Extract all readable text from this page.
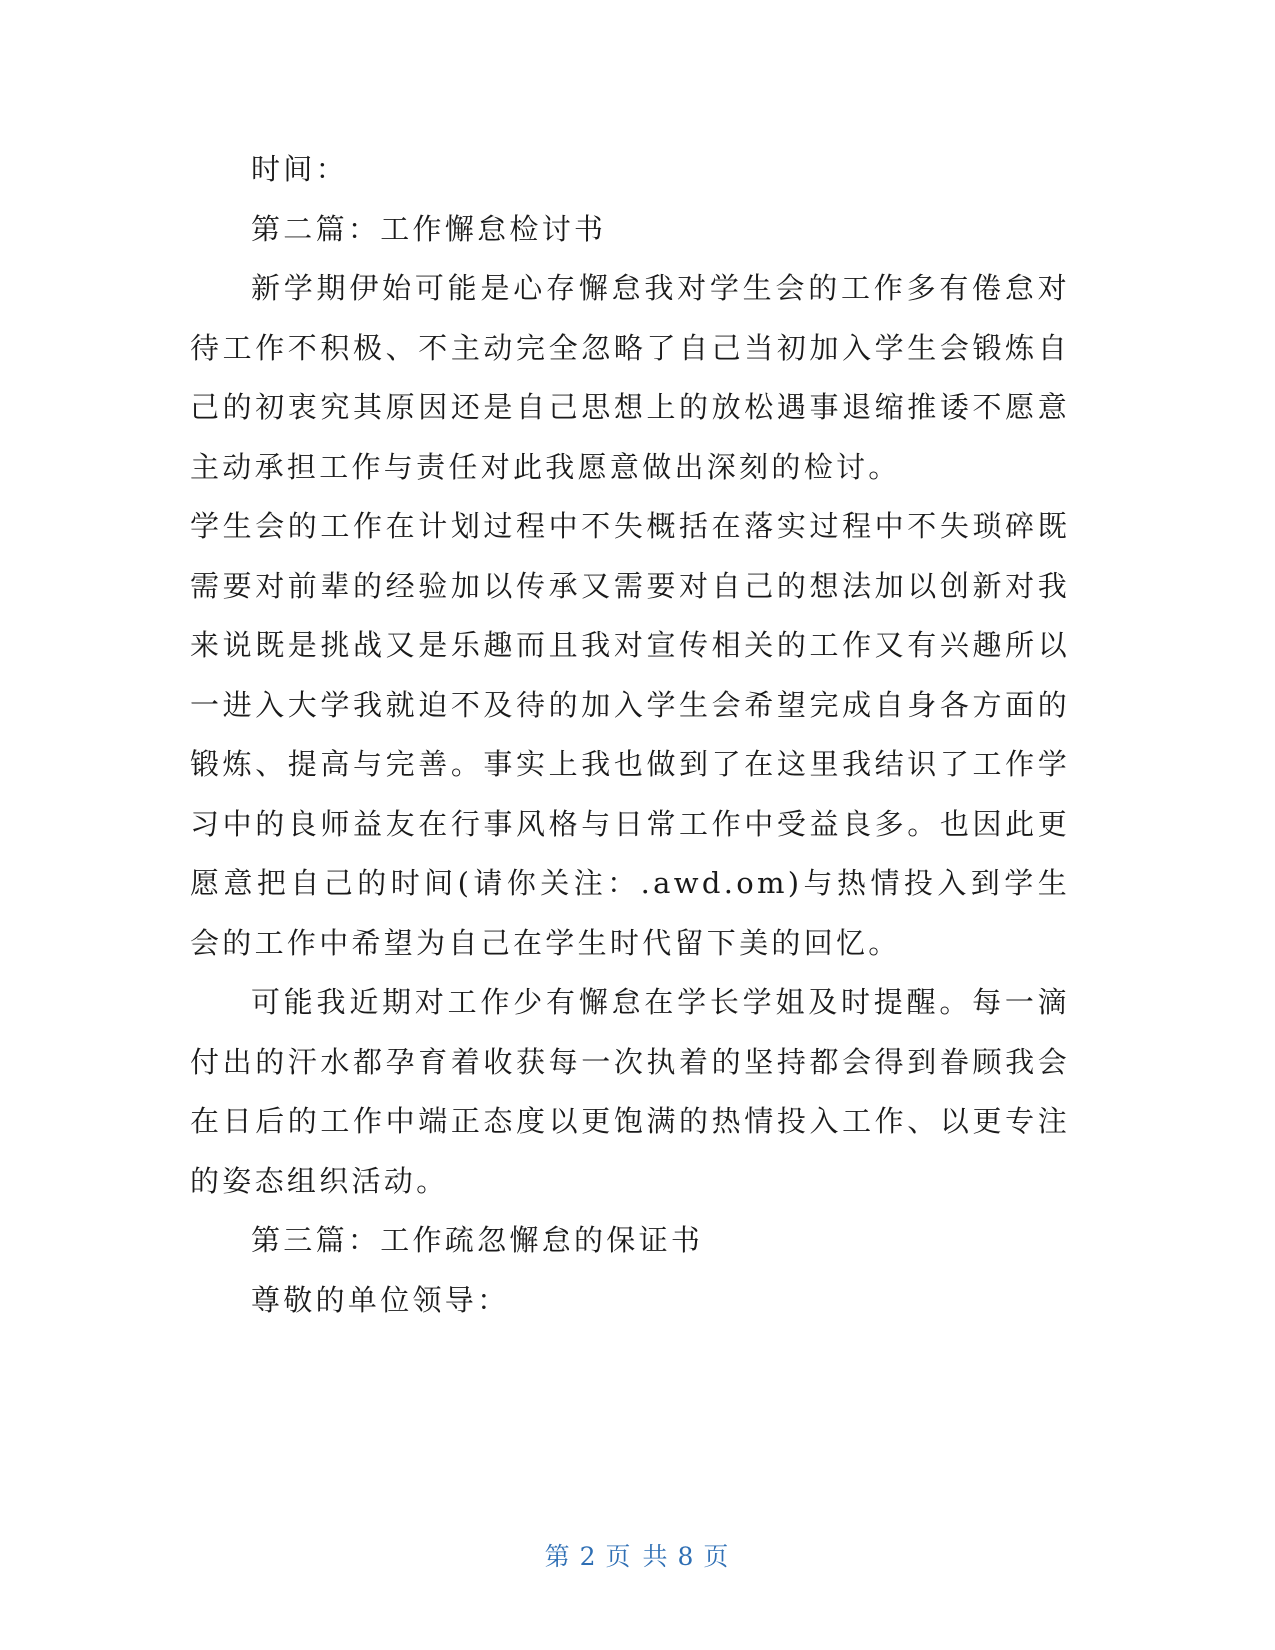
时间：

第二篇：工作懈怠检讨书

新学期伊始可能是心存懈怠我对学生会的工作多有倦怠对待工作不积极、不主动完全忽略了自己当初加入学生会锻炼自己的初衷究其原因还是自己思想上的放松遇事退缩推诿不愿意主动承担工作与责任对此我愿意做出深刻的检讨。

学生会的工作在计划过程中不失概括在落实过程中不失琐碎既需要对前辈的经验加以传承又需要对自己的想法加以创新对我来说既是挑战又是乐趣而且我对宣传相关的工作又有兴趣所以一进入大学我就迫不及待的加入学生会希望完成自身各方面的锻炼、提高与完善。事实上我也做到了在这里我结识了工作学习中的良师益友在行事风格与日常工作中受益良多。也因此更愿意把自己的时间(请你关注：.awd.om)与热情投入到学生会的工作中希望为自己在学生时代留下美的回忆。

可能我近期对工作少有懈怠在学长学姐及时提醒。每一滴付出的汗水都孕育着收获每一次执着的坚持都会得到眷顾我会在日后的工作中端正态度以更饱满的热情投入工作、以更专注的姿态组织活动。

第三篇：工作疏忽懈怠的保证书

尊敬的单位领导：

第 2 页 共 8 页
